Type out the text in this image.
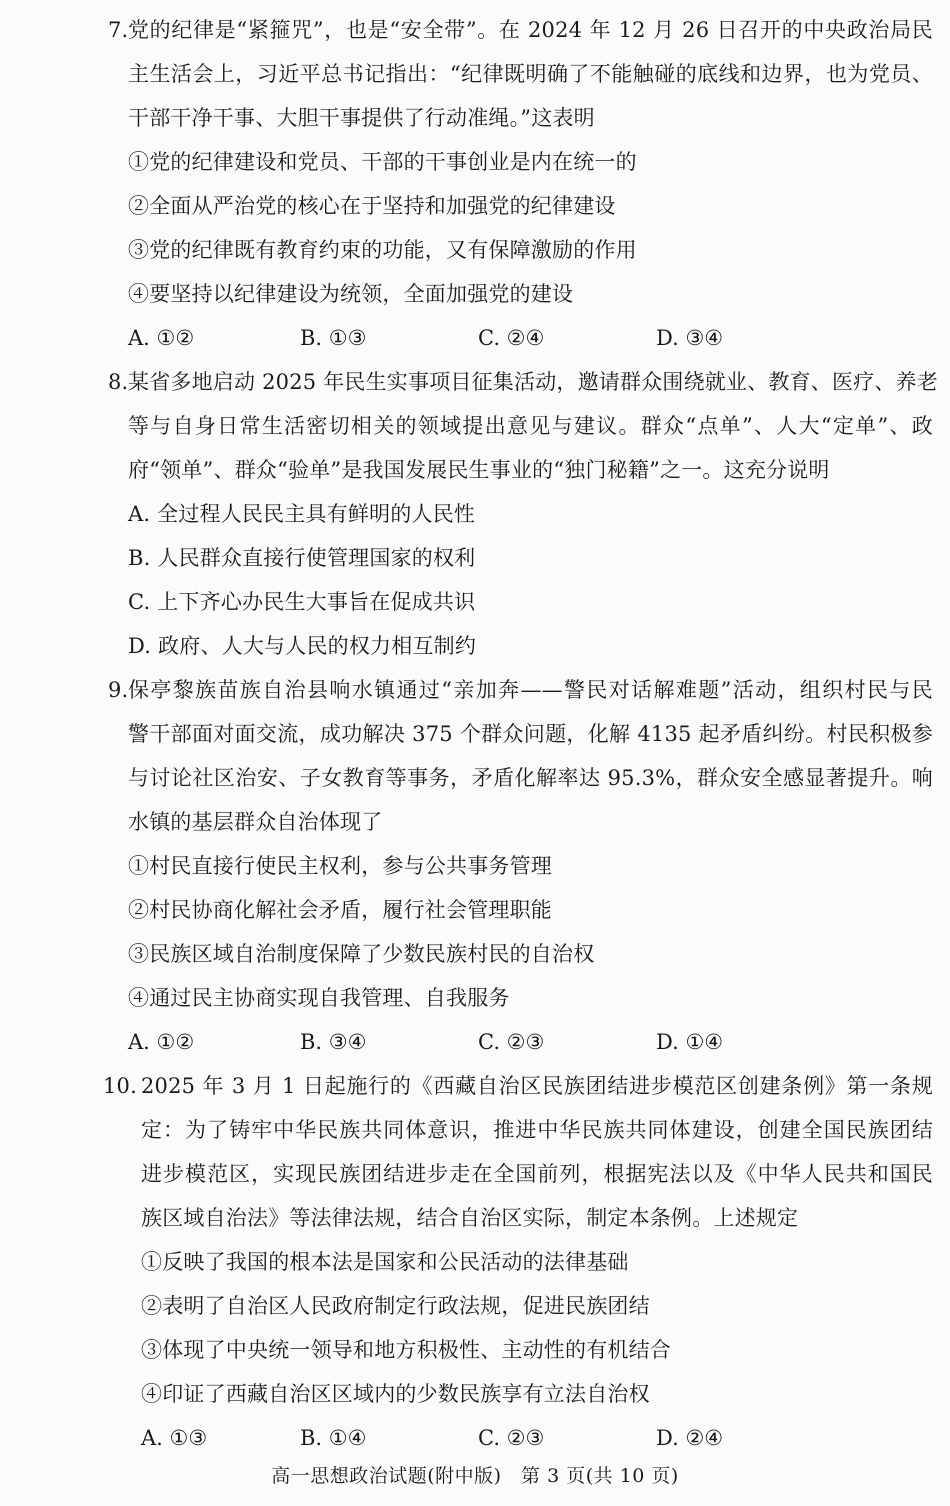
7. 党的纪律是“紧箍咒”，也是“安全带”。在 2024 年 12 月 26 日召开的中央政治局民
主生活会上，习近平总书记指出：“纪律既明确了不能触碰的底线和边界，也为党员、
干部干净干事、大胆干事提供了行动准绳。”这表明
①党的纪律建设和党员、干部的干事创业是内在统一的
②全面从严治党的核心在于坚持和加强党的纪律建设
③党的纪律既有教育约束的功能，又有保障激励的作用
④要坚持以纪律建设为统领，全面加强党的建设
A. ①②	B. ①③	C. ②④	D. ③④
8. 某省多地启动 2025 年民生实事项目征集活动，邀请群众围绕就业、教育、医疗、养老
等与自身日常生活密切相关的领域提出意见与建议。群众“点单”、人大“定单”、政
府“领单”、群众“验单”是我国发展民生事业的“独门秘籍”之一。这充分说明
A. 全过程人民民主具有鲜明的人民性
B. 人民群众直接行使管理国家的权利
C. 上下齐心办民生大事旨在促成共识
D. 政府、人大与人民的权力相互制约
9. 保亭黎族苗族自治县响水镇通过“亲加奔——警民对话解难题”活动，组织村民与民
警干部面对面交流，成功解决 375 个群众问题，化解 4135 起矛盾纠纷。村民积极参
与讨论社区治安、子女教育等事务，矛盾化解率达 95.3%，群众安全感显著提升。响
水镇的基层群众自治体现了
①村民直接行使民主权利，参与公共事务管理
②村民协商化解社会矛盾，履行社会管理职能
③民族区域自治制度保障了少数民族村民的自治权
④通过民主协商实现自我管理、自我服务
A. ①②	B. ③④	C. ②③	D. ①④
10. 2025 年 3 月 1 日起施行的《西藏自治区民族团结进步模范区创建条例》第一条规
定：为了铸牢中华民族共同体意识，推进中华民族共同体建设，创建全国民族团结
进步模范区，实现民族团结进步走在全国前列，根据宪法以及《中华人民共和国民
族区域自治法》等法律法规，结合自治区实际，制定本条例。上述规定
①反映了我国的根本法是国家和公民活动的法律基础
②表明了自治区人民政府制定行政法规，促进民族团结
③体现了中央统一领导和地方积极性、主动性的有机结合
④印证了西藏自治区区域内的少数民族享有立法自治权
A. ①③	B. ①④	C. ②③	D. ②④
高一思想政治试题(附中版)　第 3 页(共 10 页)
